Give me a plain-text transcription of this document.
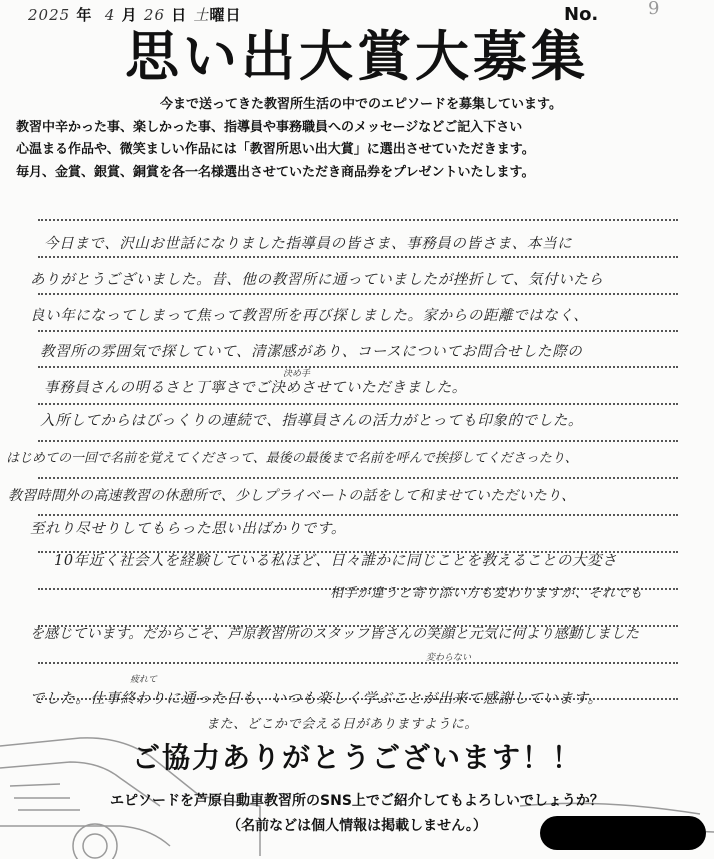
2025 年 4 月 26 日 土曜日	No.	9
思い出大賞大募集
今まで送ってきた教習所生活の中でのエピソードを募集しています。
教習中辛かった事、楽しかった事、指導員や事務職員へのメッセージなどご記入下さい
心温まる作品や、微笑ましい作品には「教習所思い出大賞」に選出させていただきます。
毎月、金賞、銀賞、銅賞を各一名様選出させていただき商品券をプレゼントいたします。
今日まで、沢山お世話になりました指導員の皆さま、事務員の皆さま、本当に
ありがとうございました。昔、他の教習所に通っていましたが挫折して、気付いたら
良い年になってしまって焦って教習所を再び探しました。家からの距離ではなく、
教習所の雰囲気で探していて、清潔感があり、コースについてお問合せした際の
事務員さんの明るさと丁寧さでご決めさせていただきました。
入所してからはびっくりの連続で、指導員さんの活力がとっても印象的でした。
はじめての一回で名前を覚えてくださって、最後の最後まで名前を呼んで挨拶してくださったり、
教習時間外の高速教習の休憩所で、少しプライベートの話をして和ませていただいたり、
至れり尽せりしてもらった思い出ばかりです。
10年近く社会人を経験している私ほど、日々誰かに同じことを教えることの大変さ
相手が違うと寄り添い方も変わりますが、それでも
を感じています。だからこそ、芦原教習所のスタッフ皆さんの笑顔と元気に何より感動しました
でした。仕事終わりに通った日も、いつも楽しく学ぶことが出来て感謝しています。
また、どこかで会える日がありますように。
決め手
変わらない
疲れて
ご協力ありがとうございます！！
エピソードを芦原自動車教習所のSNS上でご紹介してもよろしいでしょうか？
（名前などは個人情報は掲載しません。）
